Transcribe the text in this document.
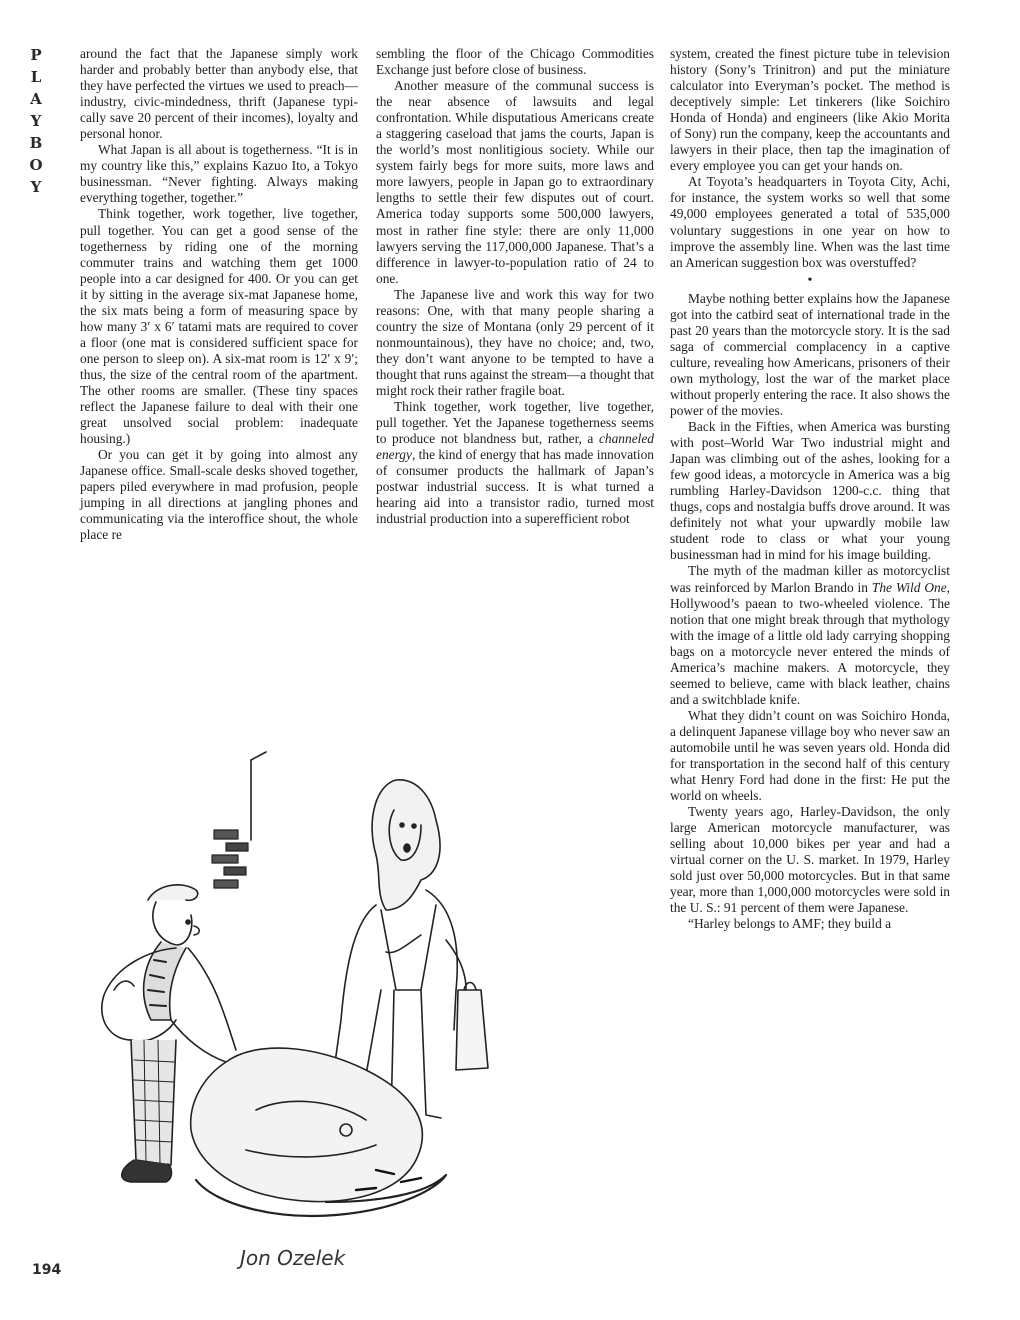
P
L
A
Y
B
O
Y

around the fact that the Japanese simply work harder and probably better than anybody else, that they have perfected the virtues we used to preach—industry, civic-mindedness, thrift (Japanese typically save 20 percent of their incomes), loyalty and personal honor.

What Japan is all about is togetherness. “It is in my country like this,” explains Kazuo Ito, a Tokyo businessman. “Never fighting. Always making everything together, together.”

Think together, work together, live together, pull together. You can get a good sense of the togetherness by riding one of the morning commuter trains and watching them get 1000 people into a car designed for 400. Or you can get it by sitting in the average six-mat Japanese home, the six mats being a form of measuring space by how many 3′ x 6′ tatami mats are required to cover a floor (one mat is considered sufficient space for one person to sleep on). A six-mat room is 12′ x 9′; thus, the size of the central room of the apartment. The other rooms are smaller. (These tiny spaces reflect the Japanese failure to deal with their one great unsolved social problem: inadequate housing.)

Or you can get it by going into almost any Japanese office. Small-scale desks shoved together, papers piled everywhere in mad profusion, people jumping in all directions at jangling phones and communicating via the interoffice shout, the whole place re

sembling the floor of the Chicago Commodities Exchange just before close of business.

Another measure of the communal success is the near absence of lawsuits and legal confrontation. While disputatious Americans create a staggering caseload that jams the courts, Japan is the world’s most nonlitigious society. While our system fairly begs for more suits, more laws and more lawyers, people in Japan go to extraordinary lengths to settle their few disputes out of court. America today supports some 500,000 lawyers, most in rather fine style: there are only 11,000 lawyers serving the 117,000,000 Japanese. That’s a difference in lawyer-to-population ratio of 24 to one.

The Japanese live and work this way for two reasons: One, with that many people sharing a country the size of Montana (only 29 percent of it nonmountainous), they have no choice; and, two, they don’t want anyone to be tempted to have a thought that runs against the stream—a thought that might rock their rather fragile boat.

Think together, work together, live together, pull together. Yet the Japanese togetherness seems to produce not blandness but, rather, a channeled energy, the kind of energy that has made innovation of consumer products the hallmark of Japan’s postwar industrial success. It is what turned a hearing aid into a transistor radio, turned most industrial production into a superefficient robot

system, created the finest picture tube in television history (Sony’s Trinitron) and put the miniature calculator into Everyman’s pocket. The method is deceptively simple: Let tinkerers (like Soichiro Honda of Honda) and engineers (like Akio Morita of Sony) run the company, keep the accountants and lawyers in their place, then tap the imagination of every employee you can get your hands on.

At Toyota’s headquarters in Toyota City, Achi, for instance, the system works so well that some 49,000 employees generated a total of 535,000 voluntary suggestions in one year on how to improve the assembly line. When was the last time an American suggestion box was overstuffed?

•

Maybe nothing better explains how the Japanese got into the catbird seat of international trade in the past 20 years than the motorcycle story. It is the sad saga of commercial complacency in a captive culture, revealing how Americans, prisoners of their own mythology, lost the war of the market place without properly entering the race. It also shows the power of the movies.

Back in the Fifties, when America was bursting with post–World War Two industrial might and Japan was climbing out of the ashes, looking for a few good ideas, a motorcycle in America was a big rumbling Harley-Davidson 1200-c.c. thing that thugs, cops and nostalgia buffs drove around. It was definitely not what your upwardly mobile law student rode to class or what your young businessman had in mind for his image building.

The myth of the madman killer as motorcyclist was reinforced by Marlon Brando in The Wild One, Hollywood’s paean to two-wheeled violence. The notion that one might break through that mythology with the image of a little old lady carrying shopping bags on a motorcycle never entered the minds of America’s machine makers. A motorcycle, they seemed to believe, came with black leather, chains and a switchblade knife.

What they didn’t count on was Soichiro Honda, a delinquent Japanese village boy who never saw an automobile until he was seven years old. Honda did for transportation in the second half of this century what Henry Ford had done in the first: He put the world on wheels.

Twenty years ago, Harley-Davidson, the only large American motorcycle manufacturer, was selling about 10,000 bikes per year and had a virtual corner on the U. S. market. In 1979, Harley sold just over 50,000 motorcycles. But in that same year, more than 1,000,000 motorcycles were sold in the U. S.: 91 percent of them were Japanese.

“Harley belongs to AMF; they build a

Jon Ozelek
194
